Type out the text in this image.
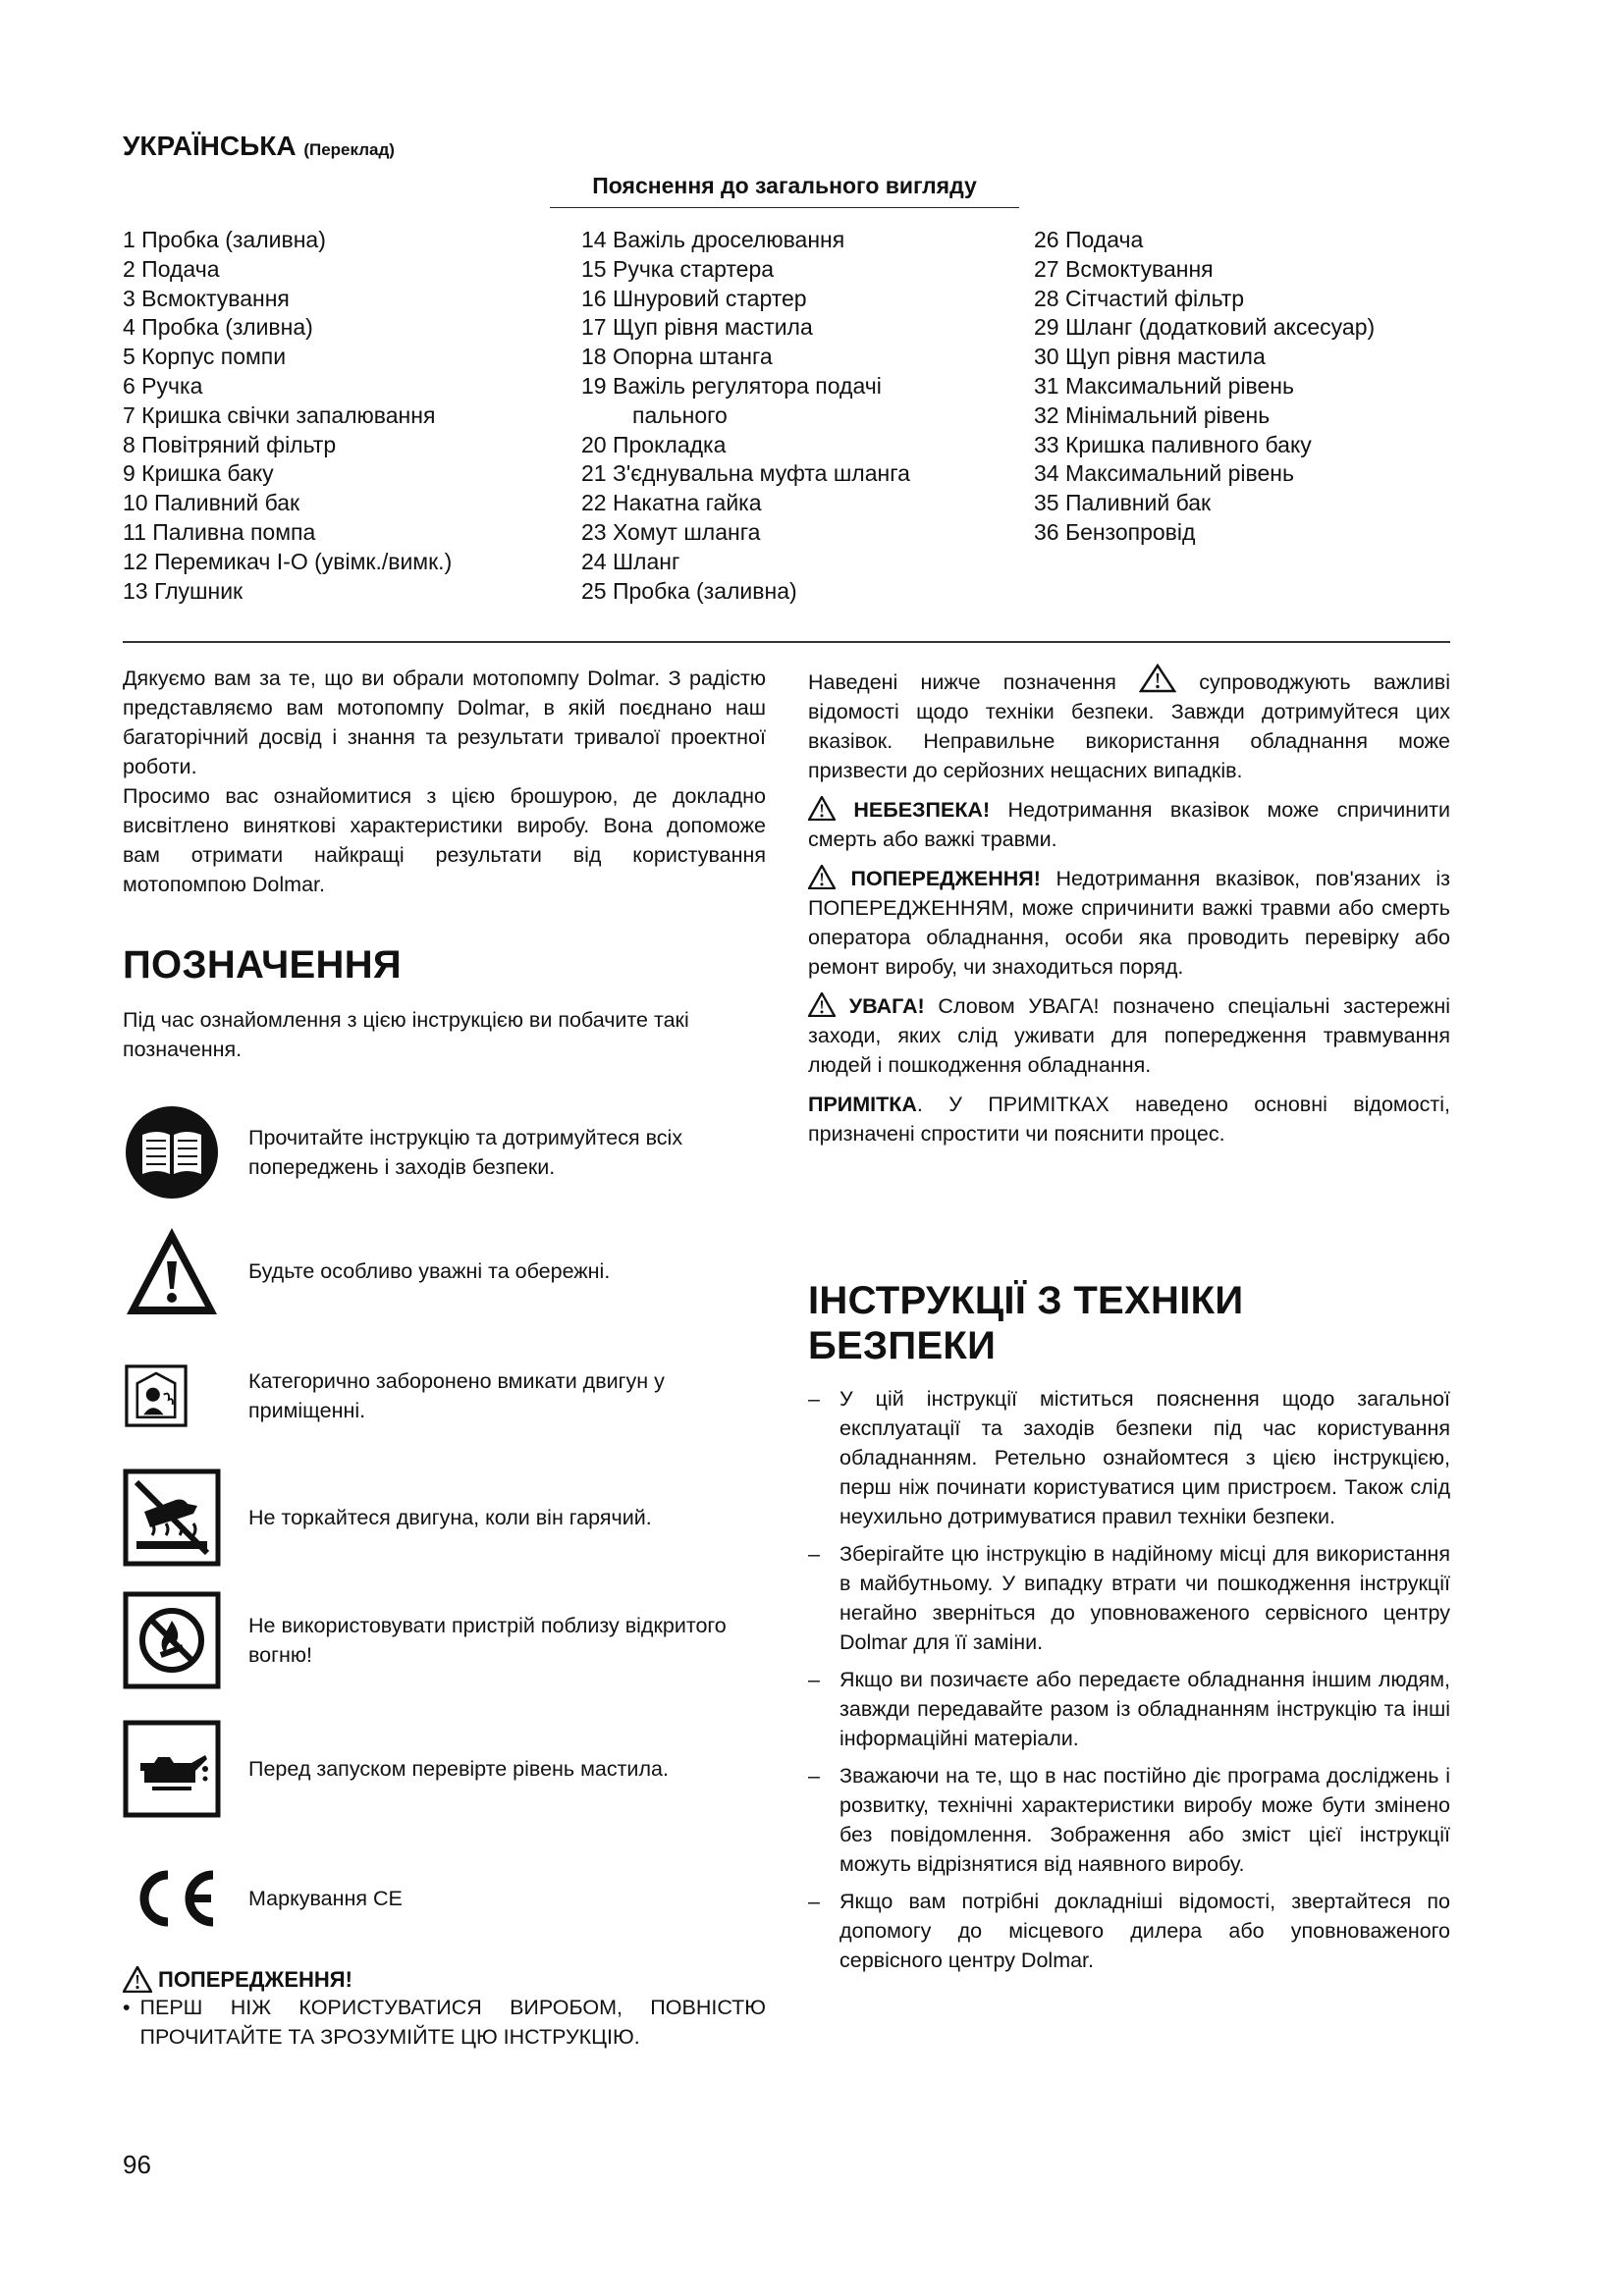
УКРАЇНСЬКА (Переклад)
Пояснення до загального вигляду
1 Пробка (заливна)
2 Подача
3 Всмоктування
4 Пробка (зливна)
5 Корпус помпи
6 Ручка
7 Кришка свічки запалювання
8 Повітряний фільтр
9 Кришка баку
10 Паливний бак
11 Паливна помпа
12 Перемикач I-O (увімк./вимк.)
13 Глушник
14 Важіль дроселювання
15 Ручка стартера
16 Шнуровий стартер
17 Щуп рівня мастила
18 Опорна штанга
19 Важіль регулятора подачі
пального
20 Прокладка
21 З'єднувальна муфта шланга
22 Накатна гайка
23 Хомут шланга
24 Шланг
25 Пробка (заливна)
26 Подача
27 Всмоктування
28 Сітчастий фільтр
29 Шланг (додатковий аксесуар)
30 Щуп рівня мастила
31 Максимальний рівень
32 Мінімальний рівень
33 Кришка паливного баку
34 Максимальний рівень
35 Паливний бак
36 Бензопровід

Дякуємо вам за те, що ви обрали мотопомпу Dolmar. З радістю представляємо вам мотопомпу Dolmar, в якій поєднано наш багаторічний досвід і знання та результати тривалої проектної роботи.

Просимо вас ознайомитися з цією брошурою, де докладно висвітлено виняткові характеристики виробу. Вона допоможе вам отримати найкращі результати від користування мотопомпою Dolmar.

ПОЗНАЧЕННЯ
Під час ознайомлення з цією інструкцією ви побачите такі позначення.
Прочитайте інструкцію та дотримуйтеся всіх попереджень і заходів безпеки.
Будьте особливо уважні та обережні.
Категорично заборонено вмикати двигун у приміщенні.
Не торкайтеся двигуна, коли він гарячий.
Не використовувати пристрій поблизу відкритого вогню!
Перед запуском перевірте рівень мастила.
Маркування CE
ПОПЕРЕДЖЕННЯ!
• ПЕРШ НІЖ КОРИСТУВАТИСЯ ВИРОБОМ, ПОВНІСТЮ ПРОЧИТАЙТЕ ТА ЗРОЗУМІЙТЕ ЦЮ ІНСТРУКЦІЮ.

Наведені нижче позначення	супроводжують важливі відомості щодо техніки безпеки. Завжди дотримуйтеся цих вказівок. Неправильне використання обладнання може призвести до серйозних нещасних випадків.

НЕБЕЗПЕКА! Недотримання вказівок може спричинити смерть або важкі травми.

ПОПЕРЕДЖЕННЯ! Недотримання вказівок, пов'язаних із ПОПЕРЕДЖЕННЯМ, може спричинити важкі травми або смерть оператора обладнання, особи яка проводить перевірку або ремонт виробу, чи знаходиться поряд.

УВАГА! Словом УВАГА! позначено спеціальні застережні заходи, яких слід уживати для попередження травмування людей і пошкодження обладнання.

ПРИМІТКА. У ПРИМІТКАХ наведено основні відомості, призначені спростити чи пояснити процес.

ІНСТРУКЦІЇ З ТЕХНІКИ
БЕЗПЕКИ
– У цій інструкції міститься пояснення щодо загальної експлуатації та заходів безпеки під час користування обладнанням. Ретельно ознайомтеся з цією інструкцією, перш ніж починати користуватися цим пристроєм. Також слід неухильно дотримуватися правил техніки безпеки.
– Зберігайте цю інструкцію в надійному місці для використання в майбутньому. У випадку втрати чи пошкодження інструкції негайно зверніться до уповноваженого сервісного центру Dolmar для її заміни.
– Якщо ви позичаєте або передаєте обладнання іншим людям, завжди передавайте разом із обладнанням інструкцію та інші інформаційні матеріали.
– Зважаючи на те, що в нас постійно діє програма досліджень і розвитку, технічні характеристики виробу може бути змінено без повідомлення. Зображення або зміст цієї інструкції можуть відрізнятися від наявного виробу.
– Якщо вам потрібні докладніші відомості, звертайтеся по допомогу до місцевого дилера або уповноваженого сервісного центру Dolmar.
96
